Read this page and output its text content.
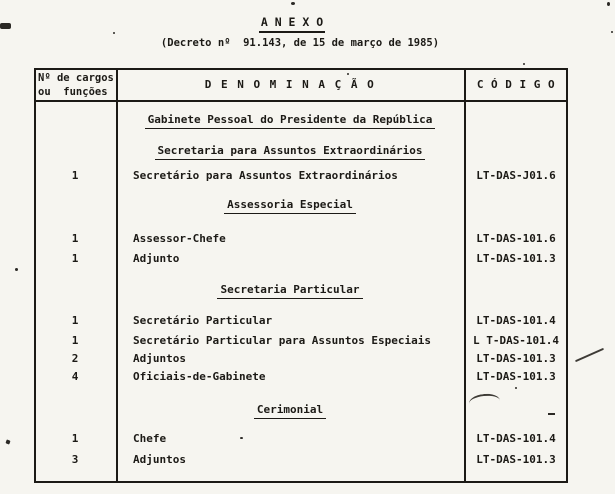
A N E X O
(Decreto nº  91.143, de 15 de março de 1985)
Nº de cargos
ou  funções
D E N O M I N A Ç Ã O	C Ó D I G O
Gabinete Pessoal do Presidente da República
Secretaria para Assuntos Extraordinários
1	Secretário para Assuntos Extraordinários	LT-DAS-J01.6
Assessoria Especial
1	Assessor-Chefe	LT-DAS-101.6
1	Adjunto	LT-DAS-101.3
Secretaria Particular
1	Secretário Particular	LT-DAS-101.4
1	Secretário Particular para Assuntos Especiais	L T-DAS-101.4
2	Adjuntos	LT-DAS-101.3
4	Oficiais-de-Gabinete	LT-DAS-101.3
Cerimonial
1	Chefe	LT-DAS-101.4
3	Adjuntos	LT-DAS-101.3
